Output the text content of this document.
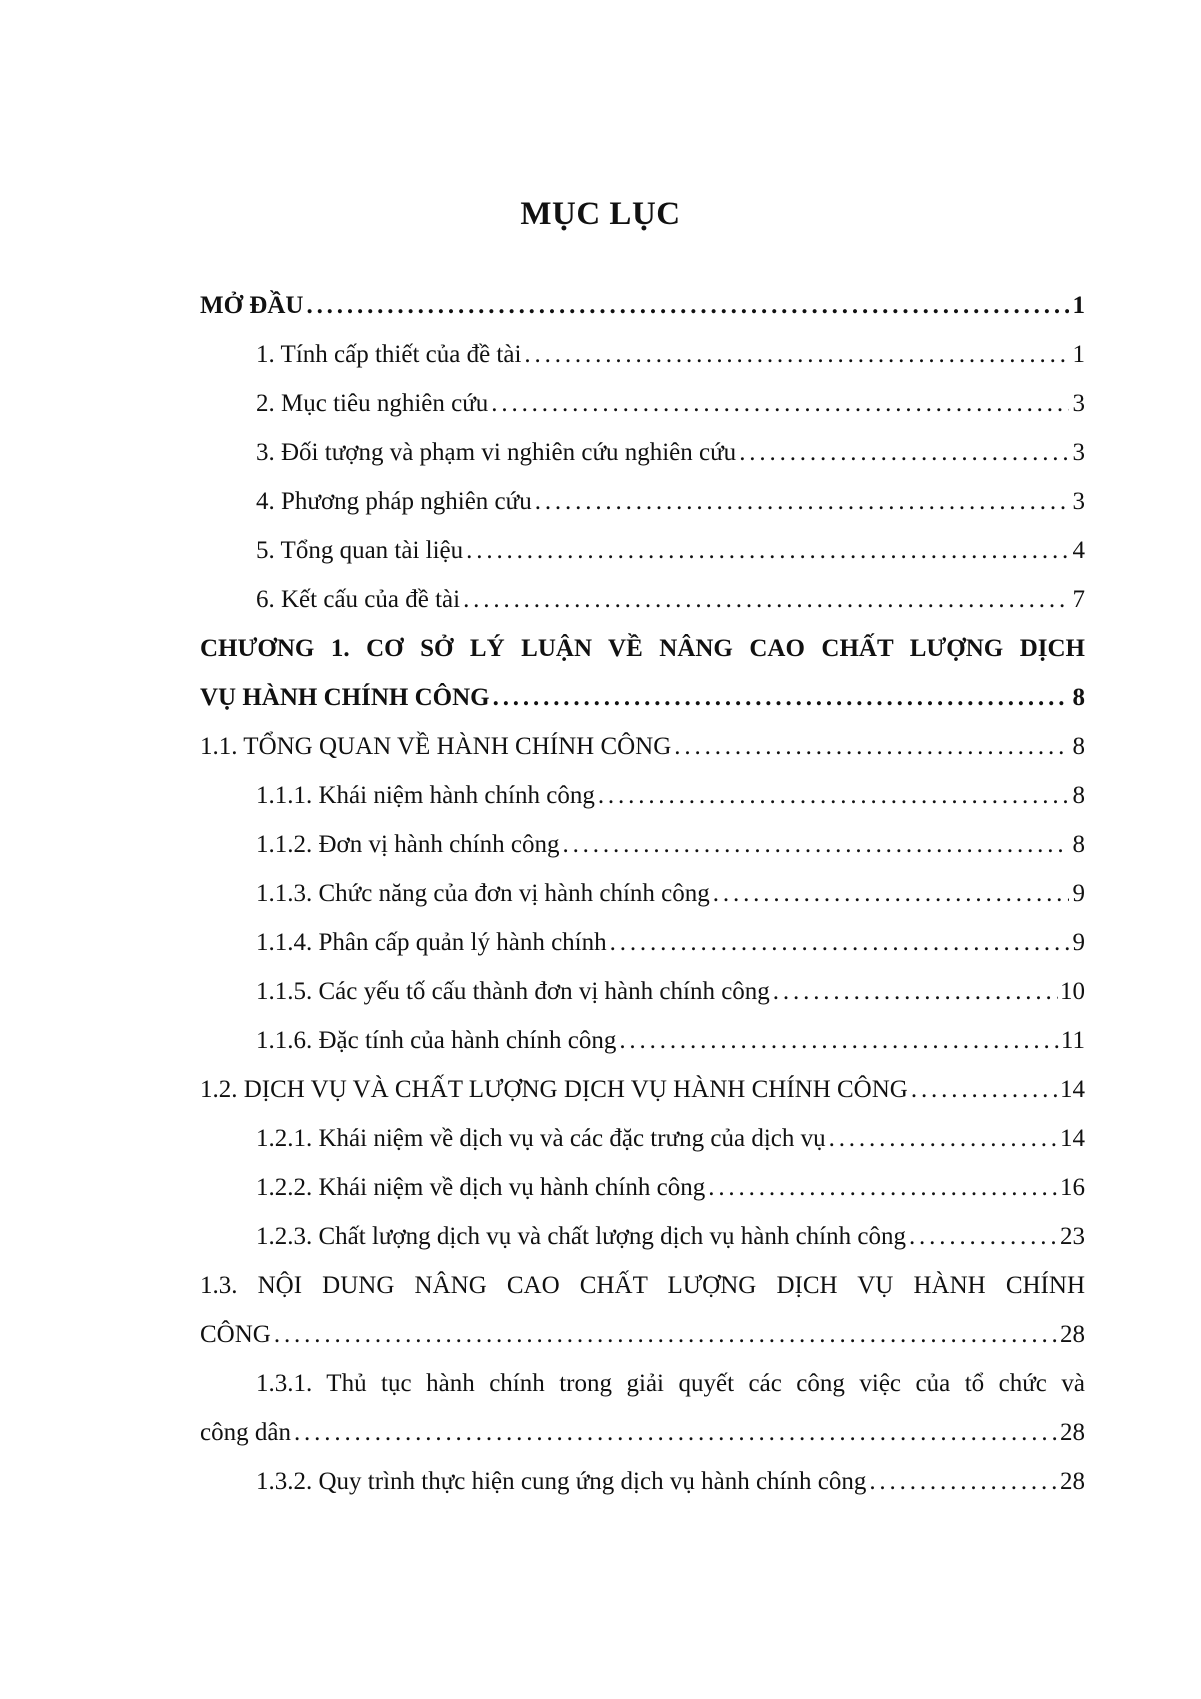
MỤC LỤC
MỞ ĐẦU . . .	1
1. Tính cấp thiết của đề tài . . .	1
2. Mục tiêu nghiên cứu . . .	3
3. Đối tượng và phạm vi nghiên cứu nghiên cứu . . .	3
4. Phương pháp nghiên cứu . . .	3
5. Tổng quan tài liệu . . .	4
6. Kết cấu của đề tài . . .	7
CHƯƠNG 1. CƠ SỞ LÝ LUẬN VỀ NÂNG CAO CHẤT LƯỢNG DỊCH
VỤ HÀNH CHÍNH CÔNG . . .	8
1.1. TỔNG QUAN VỀ HÀNH CHÍNH CÔNG . . .	8
1.1.1. Khái niệm hành chính công . . .	8
1.1.2. Đơn vị hành chính công . . .	8
1.1.3. Chức năng của đơn vị hành chính công . . .	9
1.1.4. Phân cấp quản lý hành chính . . .	9
1.1.5. Các yếu tố cấu thành đơn vị hành chính công . . .	10
1.1.6. Đặc tính của hành chính công . . .	11
1.2. DỊCH VỤ VÀ CHẤT LƯỢNG DỊCH VỤ HÀNH CHÍNH CÔNG . . .	14
1.2.1. Khái niệm về dịch vụ và các đặc trưng của dịch vụ . . .	14
1.2.2. Khái niệm về dịch vụ hành chính công . . .	16
1.2.3. Chất lượng dịch vụ và chất lượng dịch vụ hành chính công . . .	23
1.3. NỘI DUNG NÂNG CAO CHẤT LƯỢNG DỊCH VỤ HÀNH CHÍNH
CÔNG . . .	28
1.3.1. Thủ tục hành chính trong giải quyết các công việc của tổ chức và
công dân . . .	28
1.3.2. Quy trình thực hiện cung ứng dịch vụ hành chính công . . .	28
